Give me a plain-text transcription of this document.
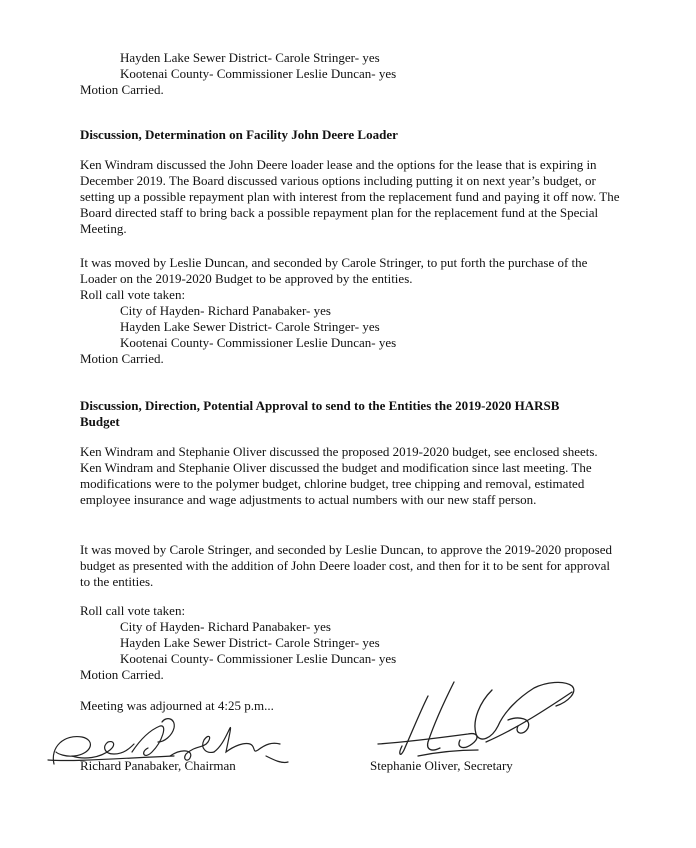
Hayden Lake Sewer District- Carole Stringer- yes
Kootenai County- Commissioner Leslie Duncan- yes
Motion Carried.
Discussion, Determination on Facility John Deere Loader

Ken Windram discussed the John Deere loader lease and the options for the lease that is expiring in December 2019. The Board discussed various options including putting it on next year’s budget, or setting up a possible repayment plan with interest from the replacement fund and paying it off now. The Board directed staff to bring back a possible repayment plan for the replacement fund at the Special Meeting.

It was moved by Leslie Duncan, and seconded by Carole Stringer, to put forth the purchase of the Loader on the 2019-2020 Budget to be approved by the entities.

Roll call vote taken:
City of Hayden- Richard Panabaker- yes
Hayden Lake Sewer District- Carole Stringer- yes
Kootenai County- Commissioner Leslie Duncan- yes
Motion Carried.
Discussion, Direction, Potential Approval to send to the Entities the 2019-2020 HARSB
Budget

Ken Windram and Stephanie Oliver discussed the proposed 2019-2020 budget, see enclosed sheets. Ken Windram and Stephanie Oliver discussed the budget and modification since last meeting. The modifications were to the polymer budget, chlorine budget, tree chipping and removal, estimated employee insurance and wage adjustments to actual numbers with our new staff person.

It was moved by Carole Stringer, and seconded by Leslie Duncan, to approve the 2019-2020 proposed budget as presented with the addition of John Deere loader cost, and then for it to be sent for approval to the entities.

Roll call vote taken:
City of Hayden- Richard Panabaker- yes
Hayden Lake Sewer District- Carole Stringer- yes
Kootenai County- Commissioner Leslie Duncan- yes
Motion Carried.
Meeting was adjourned at 4:25 p.m...
Richard Panabaker, Chairman	Stephanie Oliver, Secretary
